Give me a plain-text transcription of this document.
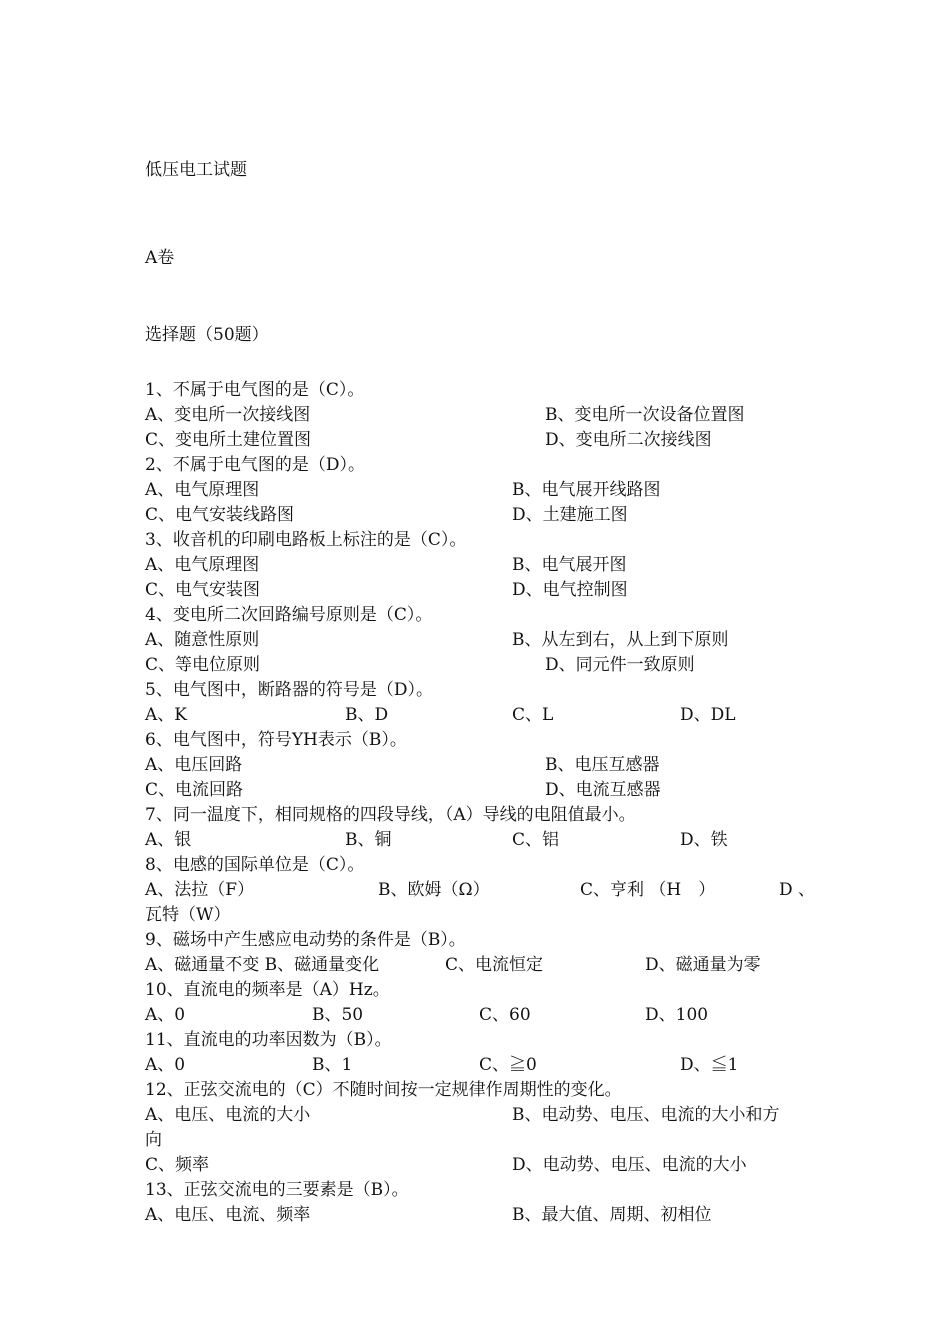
低压电工试题
A卷
选择题（50题）
1、不属于电气图的是（C）。
A、变电所一次接线图	B、变电所一次设备位置图
C、变电所土建位置图	D、变电所二次接线图
2、不属于电气图的是（D）。
A、电气原理图	B、电气展开线路图
C、电气安装线路图	D、土建施工图
3、收音机的印刷电路板上标注的是（C）。
A、电气原理图	B、电气展开图
C、电气安装图	D、电气控制图
4、变电所二次回路编号原则是（C）。
A、随意性原则	B、从左到右，从上到下原则
C、等电位原则	D、同元件一致原则
5、电气图中，断路器的符号是（D）。
A、K	B、D	C、L	D、DL
6、电气图中，符号YH表示（B）。
A、电压回路	B、电压互感器
C、电流回路	D、电流互感器
7、同一温度下，相同规格的四段导线，（A）导线的电阻值最小。
A、银	B、铜	C、铝	D、铁
8、电感的国际单位是（C）。
A、法拉（F）	B、欧姆（Ω）	C、亨利 （H　）	D 、
瓦特（W）
9、磁场中产生感应电动势的条件是（B）。
A、磁通量不变 B、磁通量变化	C、电流恒定	D、磁通量为零
10、直流电的频率是（A）Hz。
A、0	B、50	C、60	D、100
11、直流电的功率因数为（B）。
A、0	B、1	C、≧0	D、≦1
12、正弦交流电的（C）不随时间按一定规律作周期性的变化。
A、电压、电流的大小	B、电动势、电压、电流的大小和方
向
C、频率	D、电动势、电压、电流的大小
13、正弦交流电的三要素是（B）。
A、电压、电流、频率	B、最大值、周期、初相位
